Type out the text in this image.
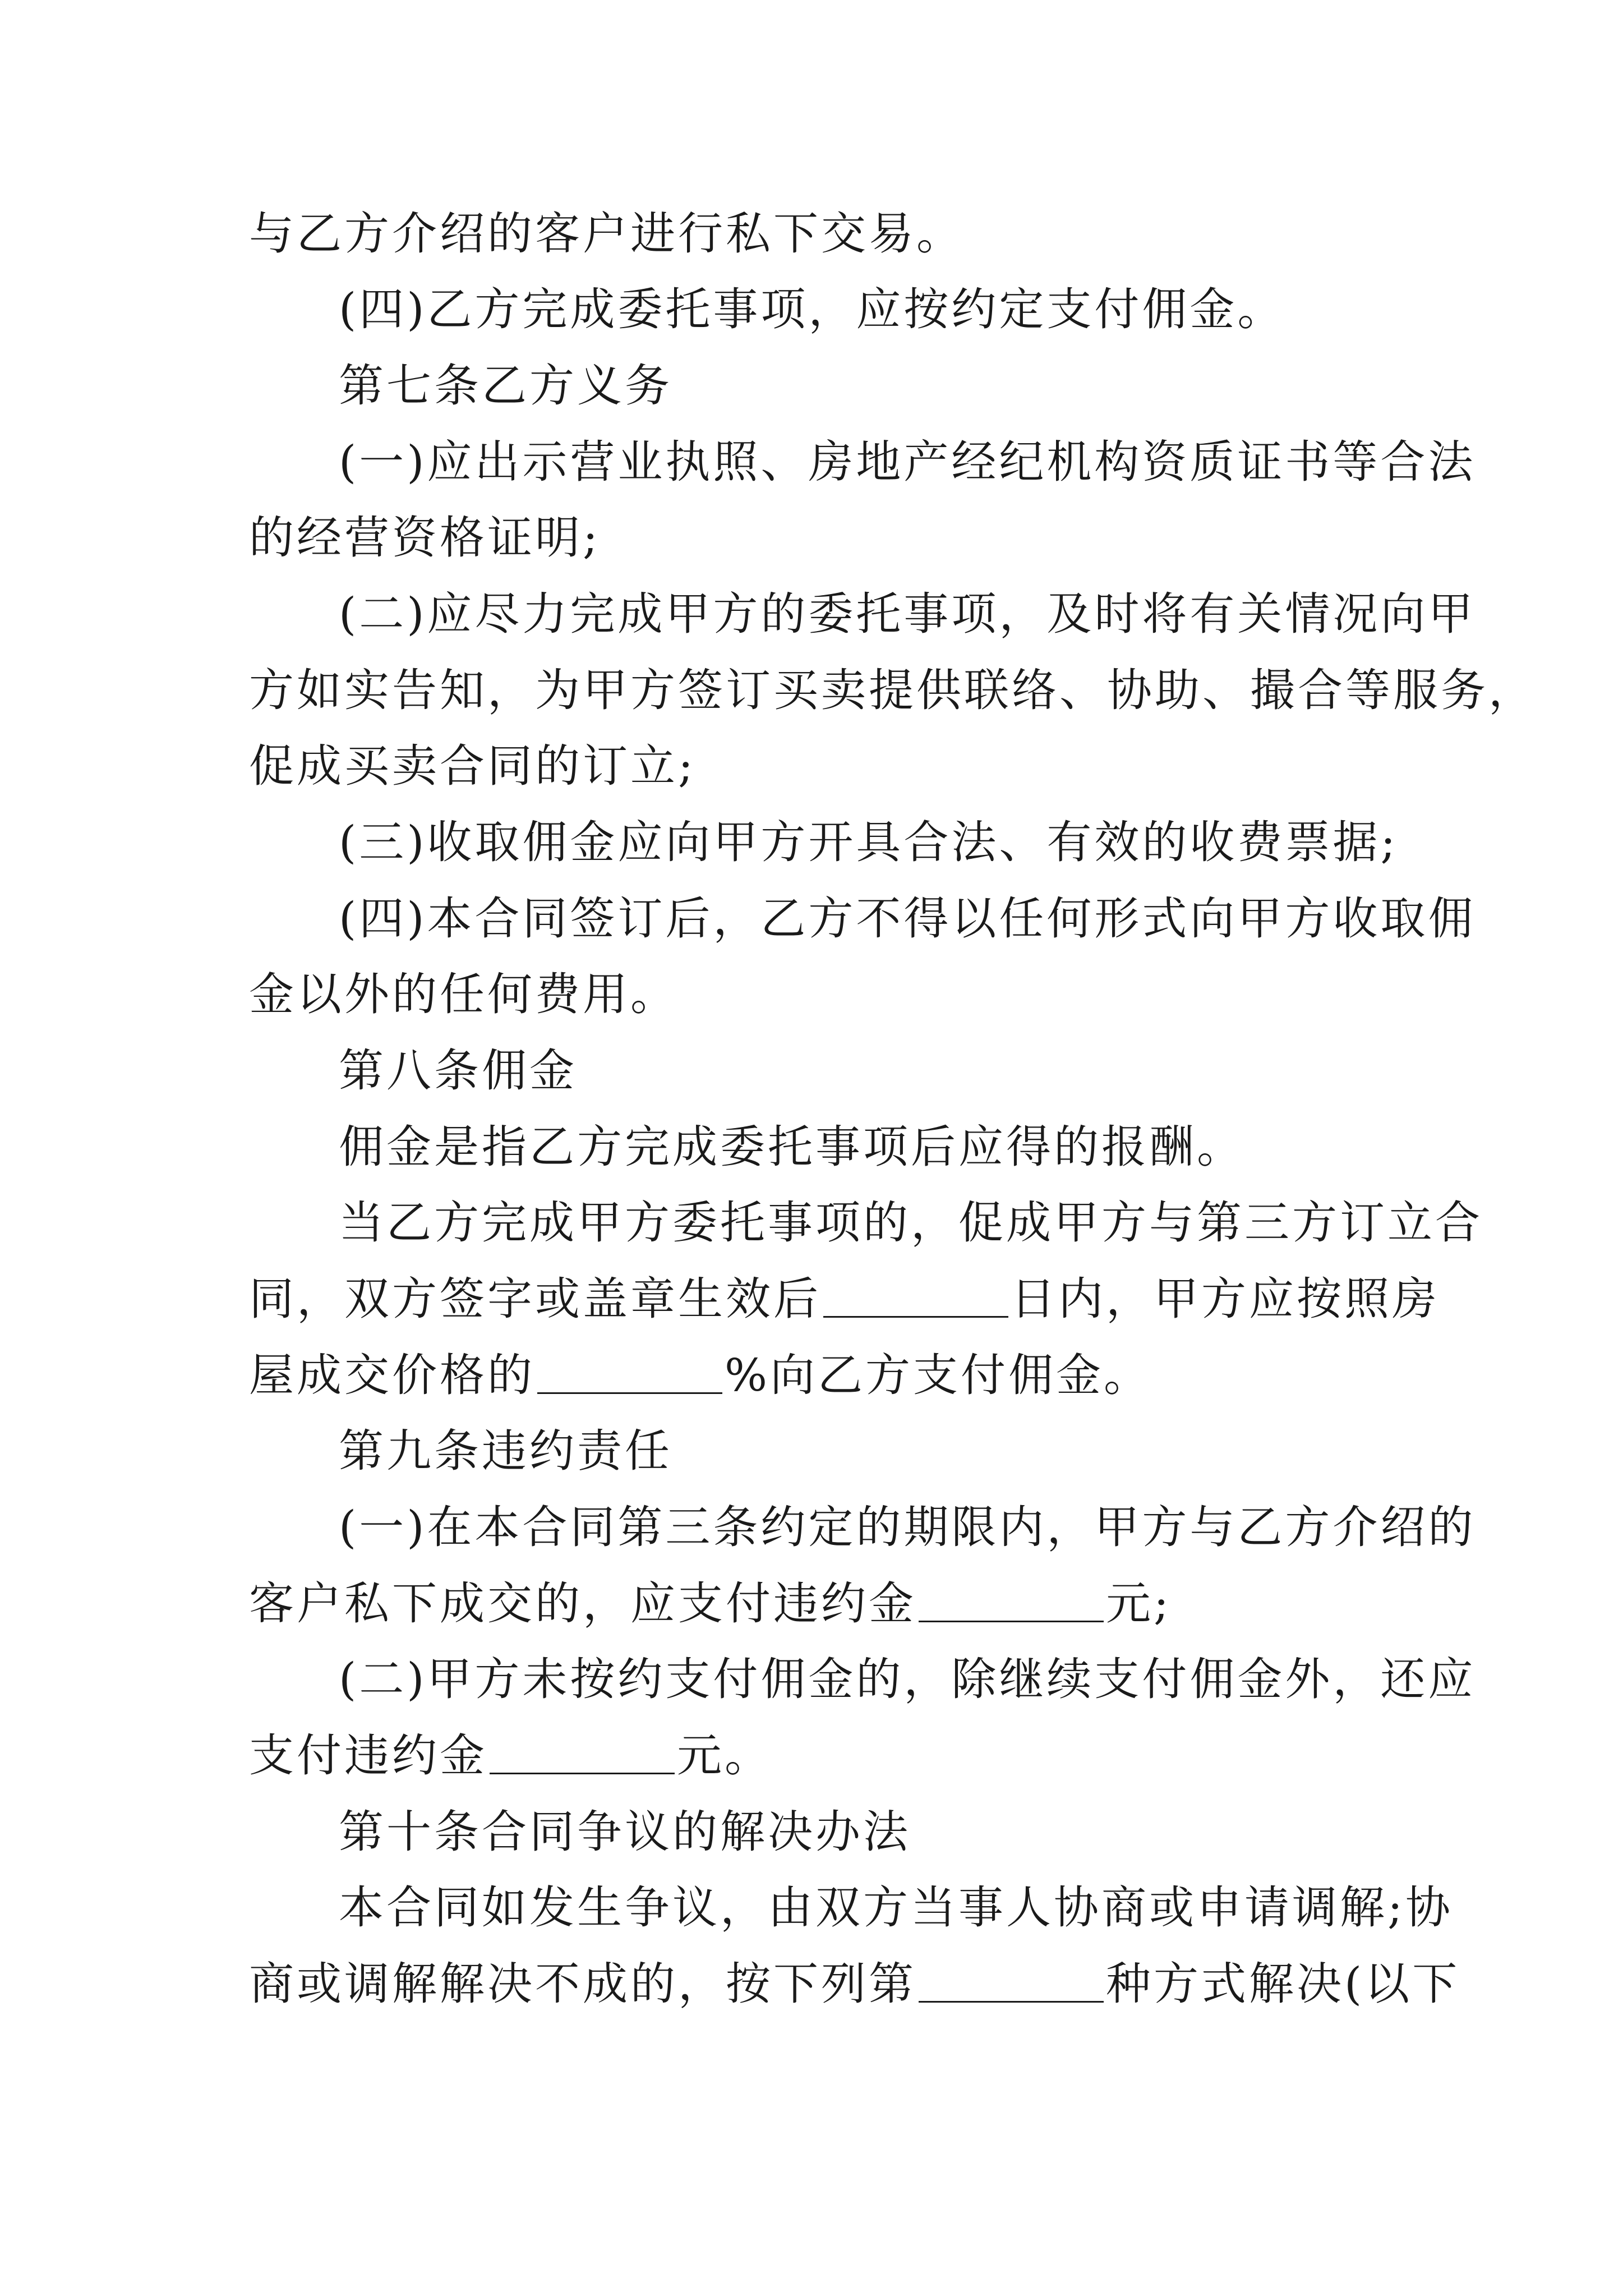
与乙方介绍的客户进行私下交易。
(四)乙方完成委托事项，应按约定支付佣金。
第七条乙方义务
(一)应出示营业执照、房地产经纪机构资质证书等合法
的经营资格证明;
(二)应尽力完成甲方的委托事项，及时将有关情况向甲
方如实告知，为甲方签订买卖提供联络、协助、撮合等服务，
促成买卖合同的订立;
(三)收取佣金应向甲方开具合法、有效的收费票据;
(四)本合同签订后，乙方不得以任何形式向甲方收取佣
金以外的任何费用。
第八条佣金
佣金是指乙方完成委托事项后应得的报酬。
当乙方完成甲方委托事项的，促成甲方与第三方订立合
同，双方签字或盖章生效后	日内，甲方应按照房
屋成交价格的	%向乙方支付佣金。
第九条违约责任
(一)在本合同第三条约定的期限内，甲方与乙方介绍的
客户私下成交的，应支付违约金	元;
(二)甲方未按约支付佣金的，除继续支付佣金外，还应
支付违约金	元。
第十条合同争议的解决办法
本合同如发生争议，由双方当事人协商或申请调解;协
商或调解解决不成的，按下列第	种方式解决(以下
